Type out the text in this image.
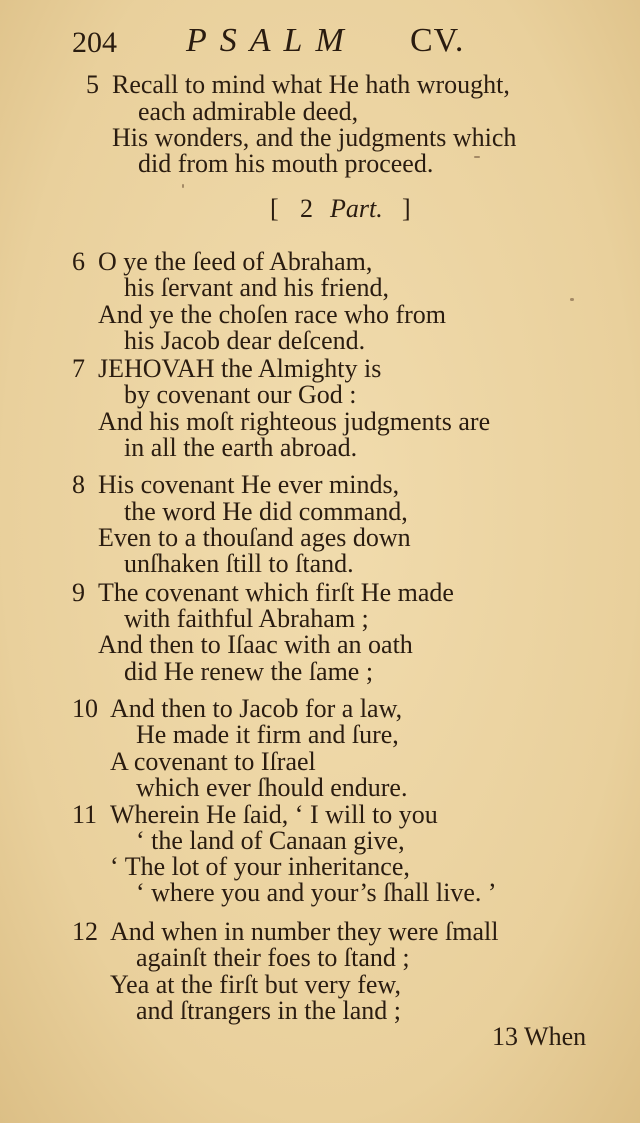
204 PSALM CV.
5 Recall to mind what He hath wrought,
each admirable deed,
His wonders, and the judgments which
did from his mouth proceed.
[ 2 Part. ]
6 O ye the ſeed of Abraham,
his ſervant and his friend,
And ye the choſen race who from
his Jacob dear deſcend.
7 JEHOVAH the Almighty is
by covenant our God :
And his moſt righteous judgments are
in all the earth abroad.
8 His covenant He ever minds,
the word He did command,
Even to a thouſand ages down
unſhaken ſtill to ſtand.
9 The covenant which firſt He made
with faithful Abraham ;
And then to Iſaac with an oath
did He renew the ſame ;
10 And then to Jacob for a law,
He made it firm and ſure,
A covenant to Iſrael
which ever ſhould endure.
11 Wherein He ſaid, ‘ I will to you
‘ the land of Canaan give,
‘ The lot of your inheritance,
‘ where you and your’s ſhall live. ’
12 And when in number they were ſmall
againſt their foes to ſtand ;
Yea at the firſt but very few,
and ſtrangers in the land ;
13 When
